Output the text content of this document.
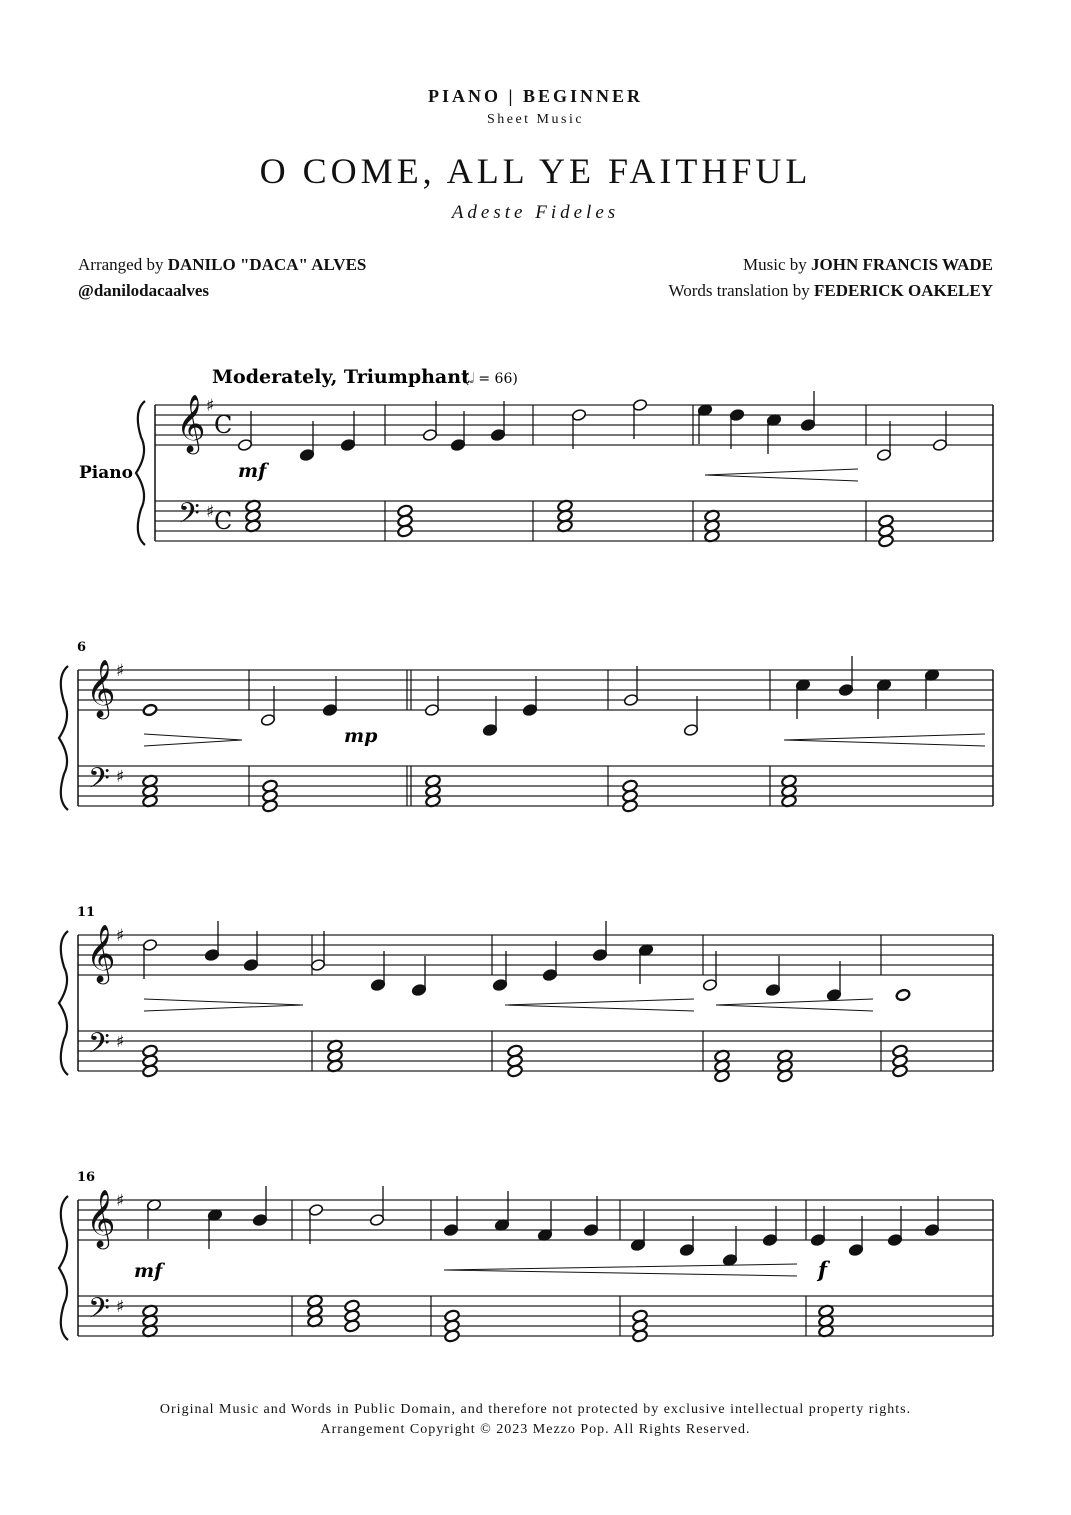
PIANO | BEGINNER
Sheet Music
O COME, ALL YE FAITHFUL
Adeste Fideles
Arranged by DANILO "DACA" ALVES
@danilodacaalves
Music by JOHN FRANCIS WADE
Words translation by FEDERICK OAKELEY
Moderately, Triumphant
(𝅗𝅥 = 66)
Piano
6
11
16
mf
mp
mf	f
𝄞
𝄢
♯
♯
C
C
𝄞
𝄢
♯
♯
𝄞
𝄢
♯
♯
𝄞
𝄢
♯
♯
Original Music and Words in Public Domain, and therefore not protected by exclusive intellectual property rights.
Arrangement Copyright © 2023 Mezzo Pop. All Rights Reserved.
